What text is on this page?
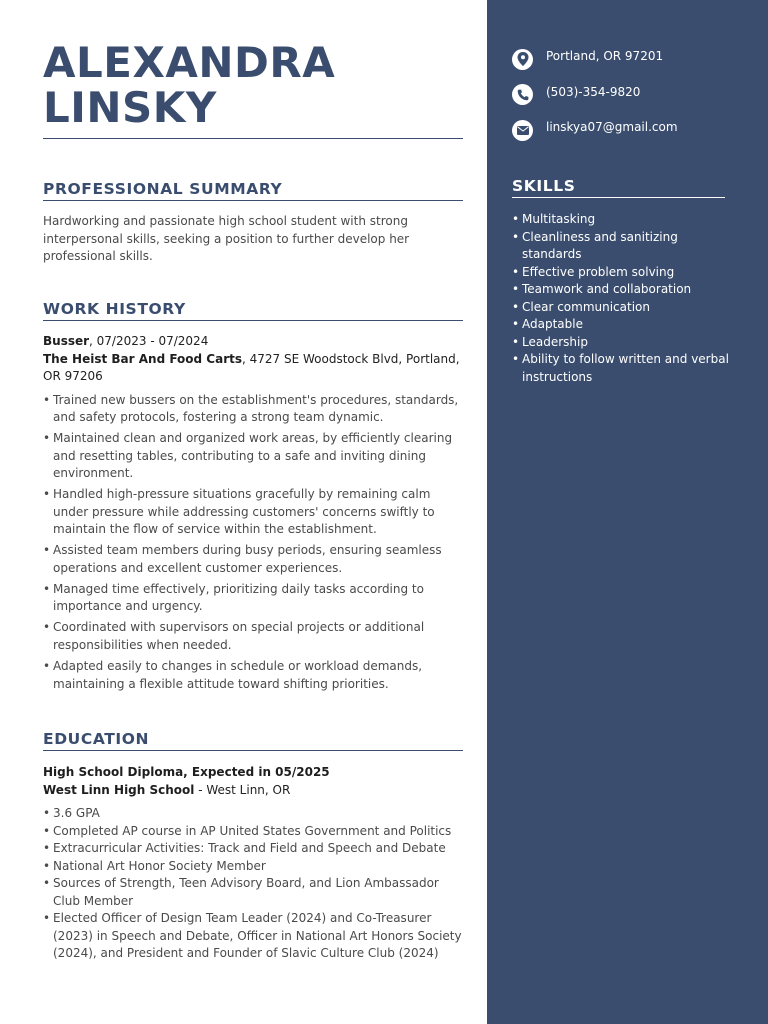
ALEXANDRA
LINSKY
PROFESSIONAL SUMMARY

Hardworking and passionate high school student with strong interpersonal skills, seeking a position to further develop her professional skills.

WORK HISTORY
Busser, 07/2023 - 07/2024
The Heist Bar And Food Carts, 4727 SE Woodstock Blvd, Portland, OR 97206
• Trained new bussers on the establishment's procedures, standards, and safety protocols, fostering a strong team dynamic.
• Maintained clean and organized work areas, by efficiently clearing and resetting tables, contributing to a safe and inviting dining environment.
• Handled high-pressure situations gracefully by remaining calm under pressure while addressing customers' concerns swiftly to maintain the flow of service within the establishment.
• Assisted team members during busy periods, ensuring seamless operations and excellent customer experiences.
• Managed time effectively, prioritizing daily tasks according to importance and urgency.
• Coordinated with supervisors on special projects or additional responsibilities when needed.
• Adapted easily to changes in schedule or workload demands, maintaining a flexible attitude toward shifting priorities.
EDUCATION
High School Diploma, Expected in 05/2025
West Linn High School - West Linn, OR
• 3.6 GPA
• Completed AP course in AP United States Government and Politics
• Extracurricular Activities: Track and Field and Speech and Debate
• National Art Honor Society Member
• Sources of Strength, Teen Advisory Board, and Lion Ambassador Club Member
• Elected Officer of Design Team Leader (2024) and Co-Treasurer (2023) in Speech and Debate, Officer in National Art Honors Society (2024), and President and Founder of Slavic Culture Club (2024)
Portland, OR 97201
(503)-354-9820
linskya07@gmail.com
SKILLS
• Multitasking
• Cleanliness and sanitizing standards
• Effective problem solving
• Teamwork and collaboration
• Clear communication
• Adaptable
• Leadership
• Ability to follow written and verbal instructions
